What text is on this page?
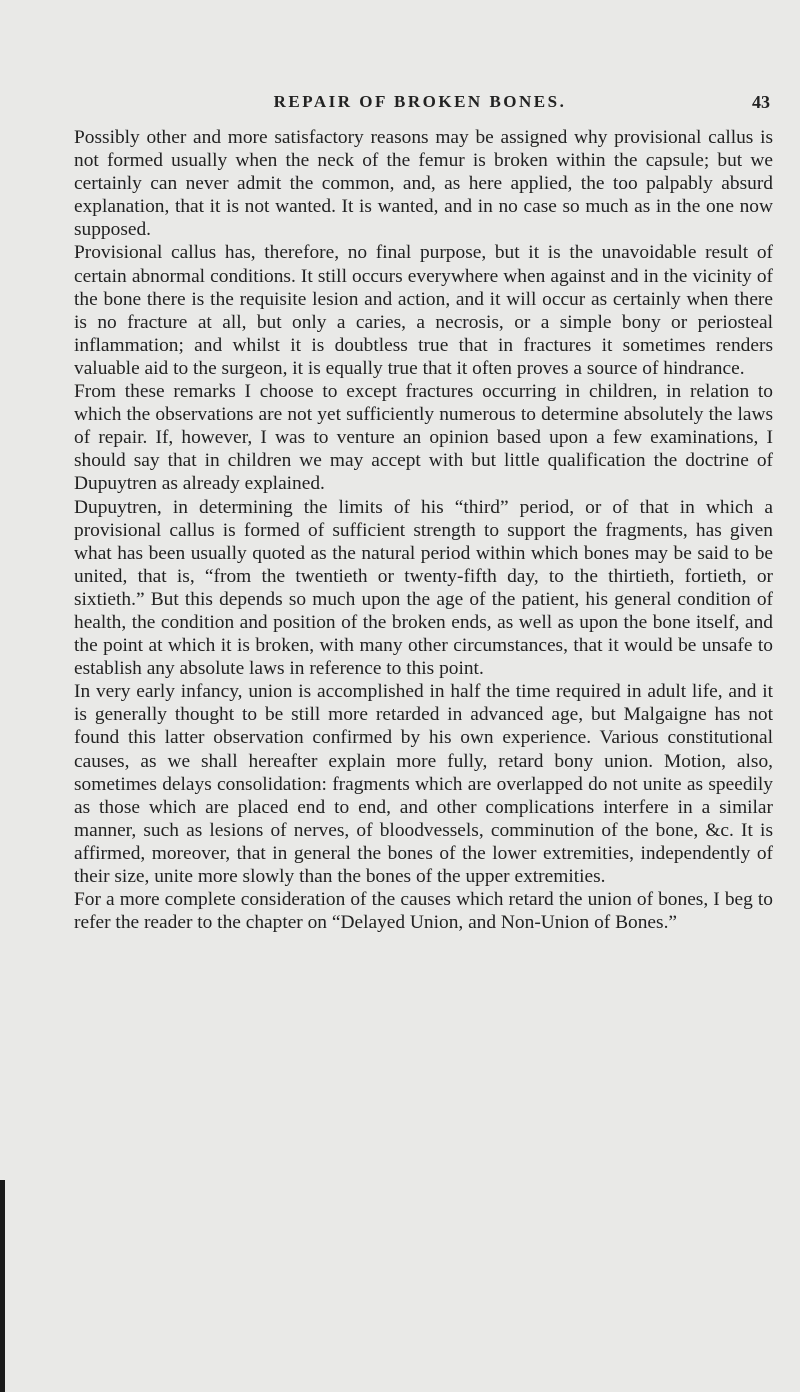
REPAIR OF BROKEN BONES.	43

Possibly other and more satisfactory reasons may be assigned why provisional callus is not formed usually when the neck of the femur is broken within the capsule; but we certainly can never admit the common, and, as here applied, the too palpably absurd explanation, that it is not wanted. It is wanted, and in no case so much as in the one now supposed.

Provisional callus has, therefore, no final purpose, but it is the unavoidable result of certain abnormal conditions. It still occurs everywhere when against and in the vicinity of the bone there is the requisite lesion and action, and it will occur as certainly when there is no fracture at all, but only a caries, a necrosis, or a simple bony or periosteal inflammation; and whilst it is doubtless true that in fractures it sometimes renders valuable aid to the surgeon, it is equally true that it often proves a source of hindrance.

From these remarks I choose to except fractures occurring in children, in relation to which the observations are not yet sufficiently numerous to determine absolutely the laws of repair. If, however, I was to venture an opinion based upon a few examinations, I should say that in children we may accept with but little qualification the doctrine of Dupuytren as already explained.

Dupuytren, in determining the limits of his “third” period, or of that in which a provisional callus is formed of sufficient strength to support the fragments, has given what has been usually quoted as the natural period within which bones may be said to be united, that is, “from the twentieth or twenty-fifth day, to the thirtieth, fortieth, or sixtieth.” But this depends so much upon the age of the patient, his general condition of health, the condition and position of the broken ends, as well as upon the bone itself, and the point at which it is broken, with many other circumstances, that it would be unsafe to establish any absolute laws in reference to this point.

In very early infancy, union is accomplished in half the time required in adult life, and it is generally thought to be still more retarded in advanced age, but Malgaigne has not found this latter observation confirmed by his own experience. Various constitutional causes, as we shall hereafter explain more fully, retard bony union. Motion, also, sometimes delays consolidation: fragments which are overlapped do not unite as speedily as those which are placed end to end, and other complications interfere in a similar manner, such as lesions of nerves, of bloodvessels, comminution of the bone, &c. It is affirmed, moreover, that in general the bones of the lower extremities, independently of their size, unite more slowly than the bones of the upper extremities.

For a more complete consideration of the causes which retard the union of bones, I beg to refer the reader to the chapter on “Delayed Union, and Non-Union of Bones.”
